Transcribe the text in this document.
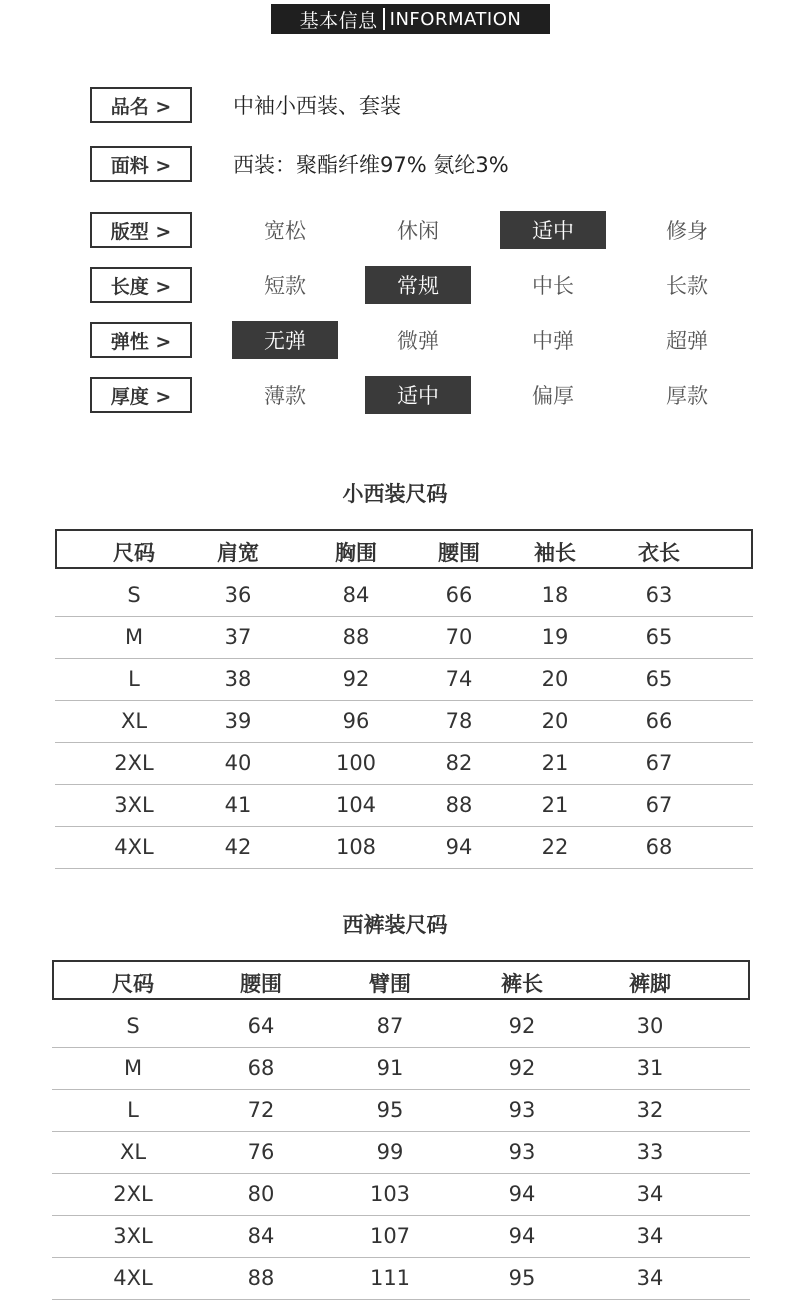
基本信息 INFORMATION
品名 >	中袖小西装、套装
面料 >	西装：聚酯纤维97% 氨纶3%
版型 >	宽松	休闲	适中	修身
长度 >	短款	常规	中长	长款
弹性 >	无弹	微弹	中弹	超弹
厚度 >	薄款	适中	偏厚	厚款
小西装尺码
尺码	肩宽	胸围	腰围	袖长	衣长
S	36	84	66	18	63
M	37	88	70	19	65
L	38	92	74	20	65
XL	39	96	78	20	66
2XL	40	100	82	21	67
3XL	41	104	88	21	67
4XL	42	108	94	22	68
西裤装尺码
尺码	腰围	臂围	裤长	裤脚
S	64	87	92	30
M	68	91	92	31
L	72	95	93	32
XL	76	99	93	33
2XL	80	103	94	34
3XL	84	107	94	34
4XL	88	111	95	34
